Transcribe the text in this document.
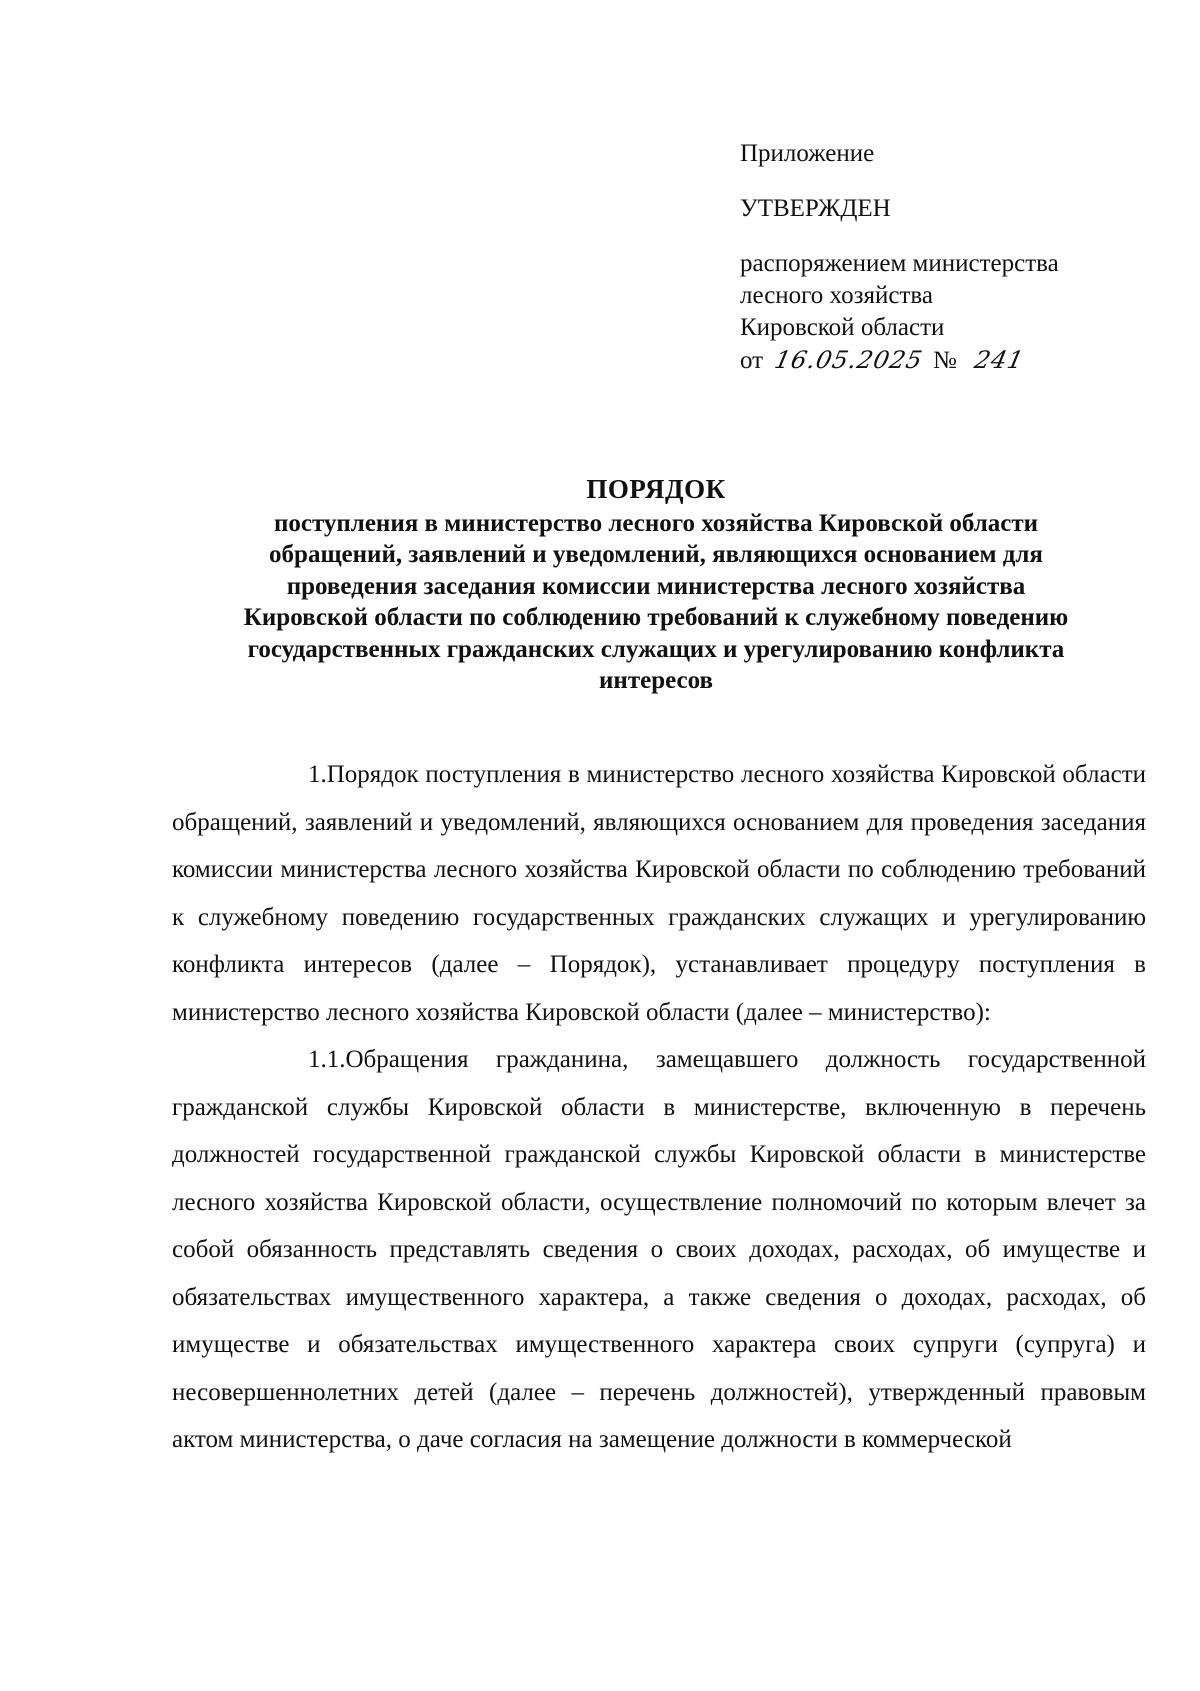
Приложение
УТВЕРЖДЕН
распоряжением министерства
лесного хозяйства
Кировской области
от 16.05.2025 № 241
ПОРЯДОК
поступления в министерство лесного хозяйства Кировской области
обращений, заявлений и уведомлений, являющихся основанием для
проведения заседания комиссии министерства лесного хозяйства
Кировской области по соблюдению требований к служебному поведению
государственных гражданских служащих и урегулированию конфликта
интересов

1.Порядок поступления в министерство лесного хозяйства Кировской области обращений, заявлений и уведомлений, являющихся основанием для проведения заседания комиссии министерства лесного хозяйства Кировской области по соблюдению требований к служебному поведению государственных гражданских служащих и урегулированию конфликта интересов (далее – Порядок), устанавливает процедуру поступления в министерство лесного хозяйства Кировской области (далее – министерство):

1.1.Обращения гражданина, замещавшего должность государственной гражданской службы Кировской области в министерстве, включенную в перечень должностей государственной гражданской службы Кировской области в министерстве лесного хозяйства Кировской области, осуществление полномочий по которым влечет за собой обязанность представлять сведения о своих доходах, расходах, об имуществе и обязательствах имущественного характера, а также сведения о доходах, расходах, об имуществе и обязательствах имущественного характера своих супруги (супруга) и несовершеннолетних детей (далее – перечень должностей), утвержденный правовым актом министерства, о даче согласия на замещение должности в коммерческой
